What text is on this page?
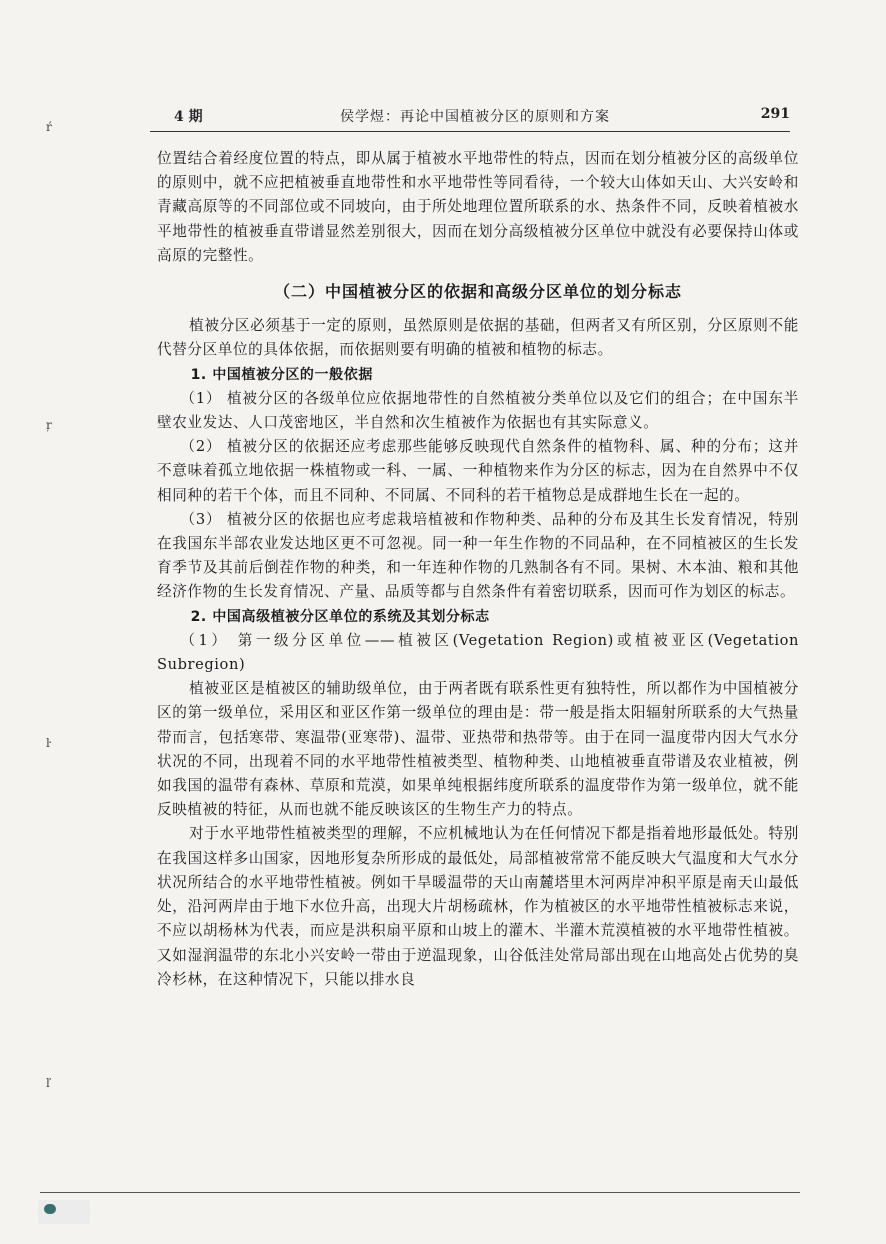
4 期	侯学煜：再论中国植被分区的原则和方案	291
ŕ
ŗ
ŀ
ľ

位置结合着经度位置的特点，即从属于植被水平地带性的特点，因而在划分植被分区的高级单位的原则中，就不应把植被垂直地带性和水平地带性等同看待，一个较大山体如天山、大兴安岭和青藏高原等的不同部位或不同坡向，由于所处地理位置所联系的水、热条件不同，反映着植被水平地带性的植被垂直带谱显然差别很大，因而在划分高级植被分区单位中就没有必要保持山体或高原的完整性。

（二）中国植被分区的依据和高级分区单位的划分标志

植被分区必须基于一定的原则，虽然原则是依据的基础，但两者又有所区别，分区原则不能代替分区单位的具体依据，而依据则要有明确的植被和植物的标志。

1. 中国植被分区的一般依据

（1） 植被分区的各级单位应依据地带性的自然植被分类单位以及它们的组合；在中国东半壁农业发达、人口茂密地区，半自然和次生植被作为依据也有其实际意义。

（2） 植被分区的依据还应考虑那些能够反映现代自然条件的植物科、属、种的分布；这并不意味着孤立地依据一株植物或一科、一属、一种植物来作为分区的标志，因为在自然界中不仅相同种的若干个体，而且不同种、不同属、不同科的若干植物总是成群地生长在一起的。

（3） 植被分区的依据也应考虑栽培植被和作物种类、品种的分布及其生长发育情况，特别在我国东半部农业发达地区更不可忽视。同一种一年生作物的不同品种，在不同植被区的生长发育季节及其前后倒茬作物的种类，和一年连种作物的几熟制各有不同。果树、木本油、粮和其他经济作物的生长发育情况、产量、品质等都与自然条件有着密切联系，因而可作为划区的标志。

2. 中国高级植被分区单位的系统及其划分标志

（1） 第一级分区单位——植被区(Vegetation Region)或植被亚区(Vegetation Subregion)

植被亚区是植被区的辅助级单位，由于两者既有联系性更有独特性，所以都作为中国植被分区的第一级单位，采用区和亚区作第一级单位的理由是：带一般是指太阳辐射所联系的大气热量带而言，包括寒带、寒温带(亚寒带)、温带、亚热带和热带等。由于在同一温度带内因大气水分状况的不同，出现着不同的水平地带性植被类型、植物种类、山地植被垂直带谱及农业植被，例如我国的温带有森林、草原和荒漠，如果单纯根据纬度所联系的温度带作为第一级单位，就不能反映植被的特征，从而也就不能反映该区的生物生产力的特点。

对于水平地带性植被类型的理解，不应机械地认为在任何情况下都是指着地形最低处。特别在我国这样多山国家，因地形复杂所形成的最低处，局部植被常常不能反映大气温度和大气水分状况所结合的水平地带性植被。例如干旱暖温带的天山南麓塔里木河两岸冲积平原是南天山最低处，沿河两岸由于地下水位升高，出现大片胡杨疏林，作为植被区的水平地带性植被标志来说，不应以胡杨林为代表，而应是洪积扇平原和山坡上的灌木、半灌木荒漠植被的水平地带性植被。又如湿润温带的东北小兴安岭一带由于逆温现象，山谷低洼处常局部出现在山地高处占优势的臭冷杉林，在这种情况下，只能以排水良
